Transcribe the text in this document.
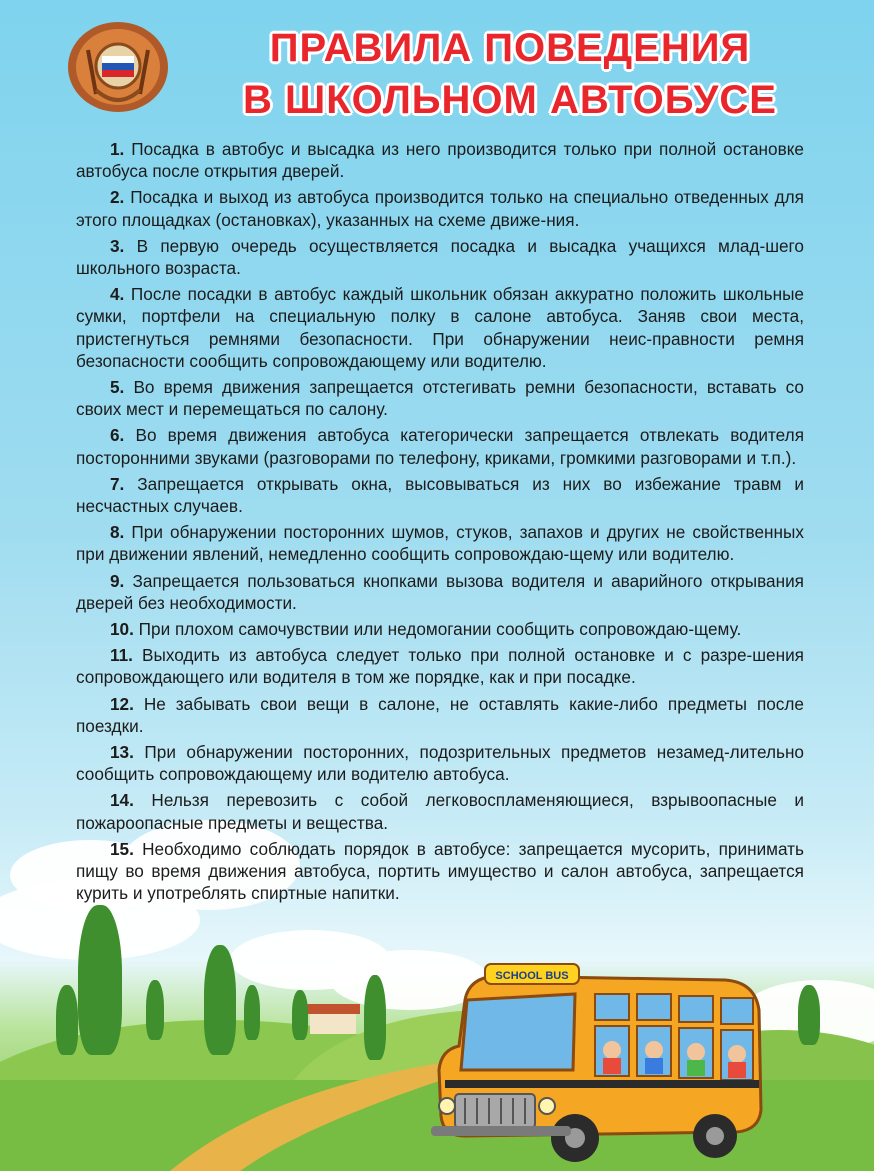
ПРАВИЛА ПОВЕДЕНИЯ
В ШКОЛЬНОМ АВТОБУСЕ

1. Посадка в автобус и высадка из него производится только при полной остановке автобуса после открытия дверей.

2. Посадка и выход из автобуса производится только на специально отведенных для этого площадках (остановках), указанных на схеме движе-ния.

3. В первую очередь осуществляется посадка и высадка учащихся млад-шего школьного возраста.

4. После посадки в автобус каждый школьник обязан аккуратно положить школьные сумки, портфели на специальную полку в салоне автобуса. Заняв свои места, пристегнуться ремнями безопасности. При обнаружении неис-правности ремня безопасности сообщить сопровождающему или водителю.

5. Во время движения запрещается отстегивать ремни безопасности, вставать со своих мест и перемещаться по салону.

6. Во время движения автобуса категорически запрещается отвлекать водителя посторонними звуками (разговорами по телефону, криками, громкими разговорами и т.п.).

7. Запрещается открывать окна, высовываться из них во избежание травм и несчастных случаев.

8. При обнаружении посторонних шумов, стуков, запахов и других не свойственных при движении явлений, немедленно сообщить сопровождаю-щему или водителю.

9. Запрещается пользоваться кнопками вызова водителя и аварийного открывания дверей без необходимости.

10. При плохом самочувствии или недомогании сообщить сопровождаю-щему.

11. Выходить из автобуса следует только при полной остановке и с разре-шения сопровождающего или водителя в том же порядке, как и при посадке.

12. Не забывать свои вещи в салоне, не оставлять какие-либо предметы после поездки.

13. При обнаружении посторонних, подозрительных предметов незамед-лительно сообщить сопровождающему или водителю автобуса.

14. Нельзя перевозить с собой легковоспламеняющиеся, взрывоопасные и пожароопасные предметы и вещества.

15. Необходимо соблюдать порядок в автобусе: запрещается мусорить, принимать пищу во время движения автобуса, портить имущество и салон автобуса, запрещается курить и употреблять спиртные напитки.

SCHOOL BUS
